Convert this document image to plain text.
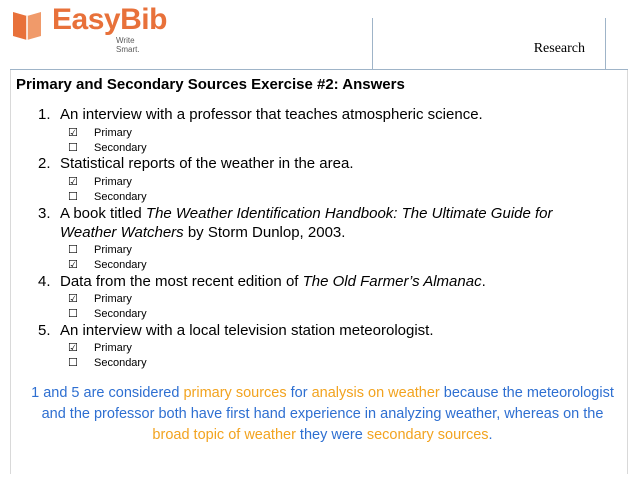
EasyBib
Write Smart.	Research
Primary and Secondary Sources Exercise #2: Answers
1. An interview with a professor that teaches atmospheric science.
☑ Primary
☐ Secondary
2. Statistical reports of the weather in the area.
☑ Primary
☐ Secondary
3. A book titled The Weather Identification Handbook: The Ultimate Guide for
Weather Watchers by Storm Dunlop, 2003.
☐ Primary
☑ Secondary
4. Data from the most recent edition of The Old Farmer’s Almanac.
☑ Primary
☐ Secondary
5. An interview with a local television station meteorologist.
☑ Primary
☐ Secondary
1 and 5 are considered primary sources for analysis on weather because the meteorologist and the professor both have first hand experience in analyzing weather, whereas on the broad topic of weather they were secondary sources.
